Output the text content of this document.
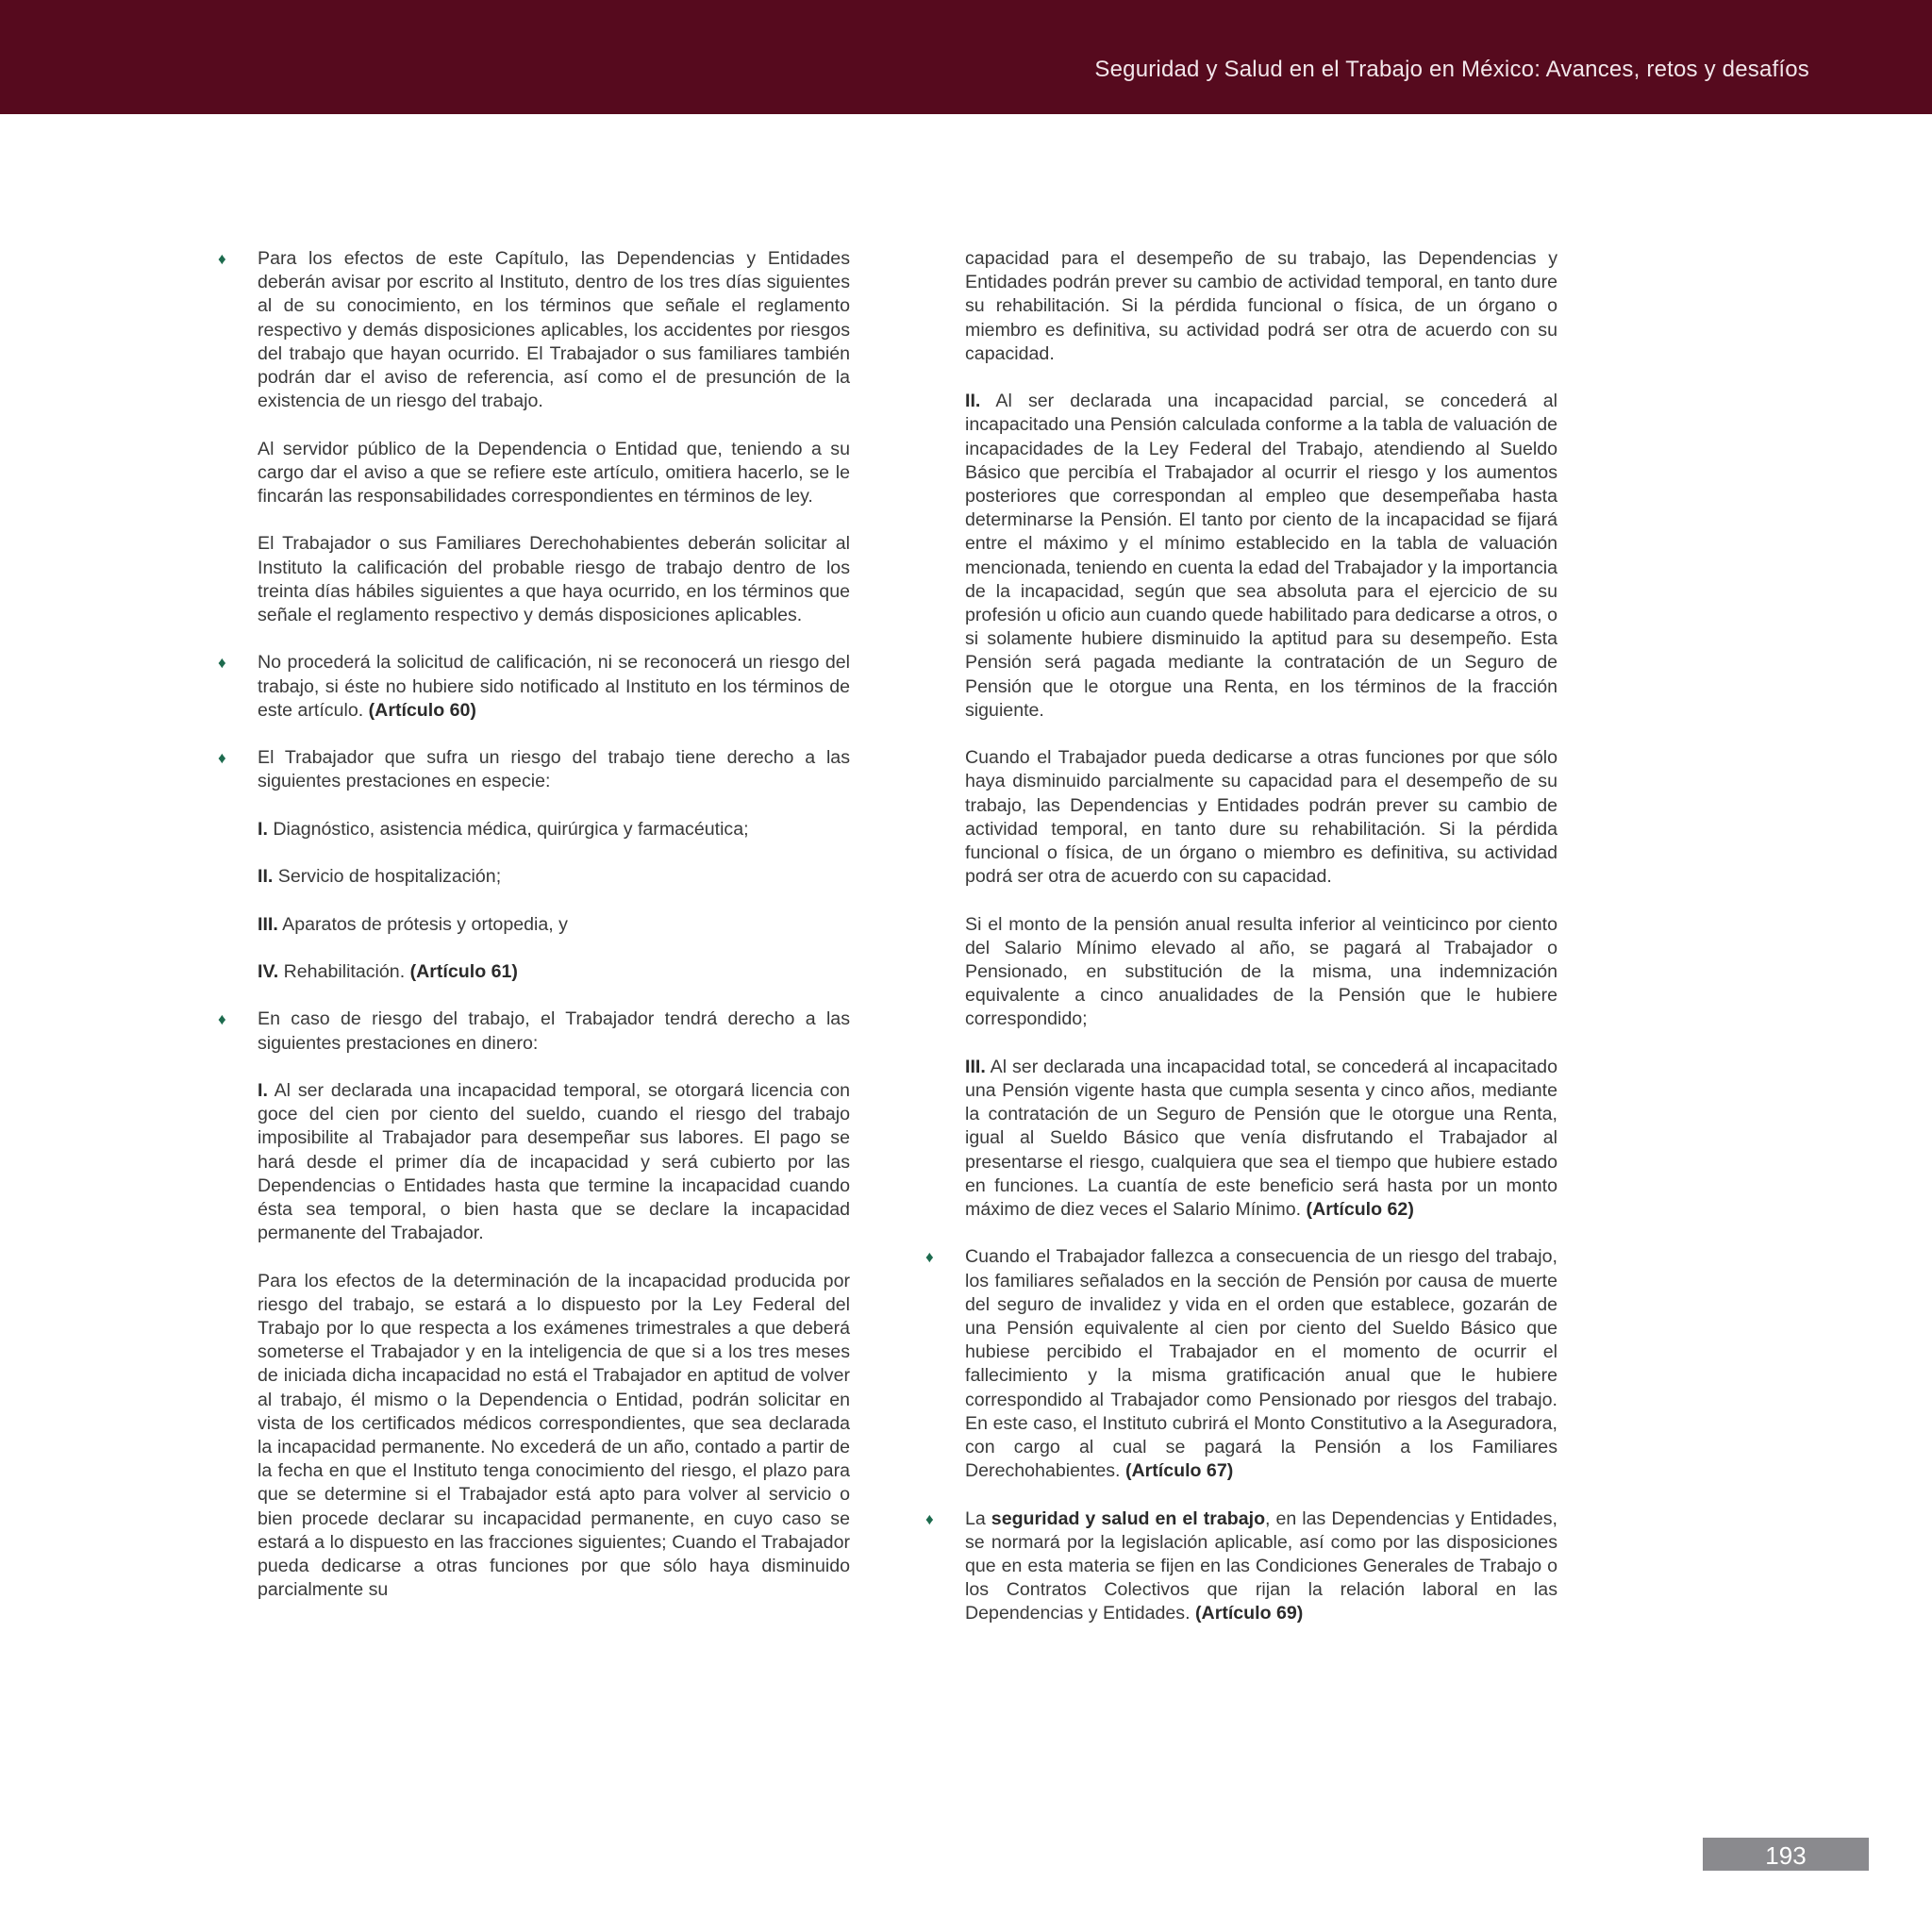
Seguridad y Salud en el Trabajo en México: Avances, retos y desafíos
♦ Para los efectos de este Capítulo, las Dependencias y Entidades deberán avisar por escrito al Instituto, dentro de los tres días siguientes al de su conocimiento, en los términos que señale el reglamento respectivo y demás disposiciones aplicables, los accidentes por riesgos del trabajo que hayan ocurrido. El Trabajador o sus familiares también podrán dar el aviso de referencia, así como el de presunción de la existencia de un riesgo del trabajo.

Al servidor público de la Dependencia o Entidad que, teniendo a su cargo dar el aviso a que se refiere este artículo, omitiera hacerlo, se le fincarán las responsabilidades correspondientes en términos de ley.

El Trabajador o sus Familiares Derechohabientes deberán solicitar al Instituto la calificación del probable riesgo de trabajo dentro de los treinta días hábiles siguientes a que haya ocurrido, en los términos que señale el reglamento respectivo y demás disposiciones aplicables.

♦ No procederá la solicitud de calificación, ni se reconocerá un riesgo del trabajo, si éste no hubiere sido notificado al Instituto en los términos de este artículo. (Artículo 60)

♦ El Trabajador que sufra un riesgo del trabajo tiene derecho a las siguientes prestaciones en especie:

I. Diagnóstico, asistencia médica, quirúrgica y farmacéutica;

II. Servicio de hospitalización;

III. Aparatos de prótesis y ortopedia, y

IV. Rehabilitación. (Artículo 61)

♦ En caso de riesgo del trabajo, el Trabajador tendrá derecho a las siguientes prestaciones en dinero:

I. Al ser declarada una incapacidad temporal, se otorgará licencia con goce del cien por ciento del sueldo, cuando el riesgo del trabajo imposibilite al Trabajador para desempeñar sus labores. El pago se hará desde el primer día de incapacidad y será cubierto por las Dependencias o Entidades hasta que termine la incapacidad cuando ésta sea temporal, o bien hasta que se declare la incapacidad permanente del Trabajador.

Para los efectos de la determinación de la incapacidad producida por riesgo del trabajo, se estará a lo dispuesto por la Ley Federal del Trabajo por lo que respecta a los exámenes trimestrales a que deberá someterse el Trabajador y en la inteligencia de que si a los tres meses de iniciada dicha incapacidad no está el Trabajador en aptitud de volver al trabajo, él mismo o la Dependencia o Entidad, podrán solicitar en vista de los certificados médicos correspondientes, que sea declarada la incapacidad permanente. No excederá de un año, contado a partir de la fecha en que el Instituto tenga conocimiento del riesgo, el plazo para que se determine si el Trabajador está apto para volver al servicio o bien procede declarar su incapacidad permanente, en cuyo caso se estará a lo dispuesto en las fracciones siguientes; Cuando el Trabajador pueda dedicarse a otras funciones por que sólo haya disminuido parcialmente su

capacidad para el desempeño de su trabajo, las Dependencias y Entidades podrán prever su cambio de actividad temporal, en tanto dure su rehabilitación. Si la pérdida funcional o física, de un órgano o miembro es definitiva, su actividad podrá ser otra de acuerdo con su capacidad.

II. Al ser declarada una incapacidad parcial, se concederá al incapacitado una Pensión calculada conforme a la tabla de valuación de incapacidades de la Ley Federal del Trabajo, atendiendo al Sueldo Básico que percibía el Trabajador al ocurrir el riesgo y los aumentos posteriores que correspondan al empleo que desempeñaba hasta determinarse la Pensión. El tanto por ciento de la incapacidad se fijará entre el máximo y el mínimo establecido en la tabla de valuación mencionada, teniendo en cuenta la edad del Trabajador y la importancia de la incapacidad, según que sea absoluta para el ejercicio de su profesión u oficio aun cuando quede habilitado para dedicarse a otros, o si solamente hubiere disminuido la aptitud para su desempeño. Esta Pensión será pagada mediante la contratación de un Seguro de Pensión que le otorgue una Renta, en los términos de la fracción siguiente.

Cuando el Trabajador pueda dedicarse a otras funciones por que sólo haya disminuido parcialmente su capacidad para el desempeño de su trabajo, las Dependencias y Entidades podrán prever su cambio de actividad temporal, en tanto dure su rehabilitación. Si la pérdida funcional o física, de un órgano o miembro es definitiva, su actividad podrá ser otra de acuerdo con su capacidad.

Si el monto de la pensión anual resulta inferior al veinticinco por ciento del Salario Mínimo elevado al año, se pagará al Trabajador o Pensionado, en substitución de la misma, una indemnización equivalente a cinco anualidades de la Pensión que le hubiere correspondido;

III. Al ser declarada una incapacidad total, se concederá al incapacitado una Pensión vigente hasta que cumpla sesenta y cinco años, mediante la contratación de un Seguro de Pensión que le otorgue una Renta, igual al Sueldo Básico que venía disfrutando el Trabajador al presentarse el riesgo, cualquiera que sea el tiempo que hubiere estado en funciones. La cuantía de este beneficio será hasta por un monto máximo de diez veces el Salario Mínimo. (Artículo 62)

♦ Cuando el Trabajador fallezca a consecuencia de un riesgo del trabajo, los familiares señalados en la sección de Pensión por causa de muerte del seguro de invalidez y vida en el orden que establece, gozarán de una Pensión equivalente al cien por ciento del Sueldo Básico que hubiese percibido el Trabajador en el momento de ocurrir el fallecimiento y la misma gratificación anual que le hubiere correspondido al Trabajador como Pensionado por riesgos del trabajo. En este caso, el Instituto cubrirá el Monto Constitutivo a la Aseguradora, con cargo al cual se pagará la Pensión a los Familiares Derechohabientes. (Artículo 67)

♦ La seguridad y salud en el trabajo, en las Dependencias y Entidades, se normará por la legislación aplicable, así como por las disposiciones que en esta materia se fijen en las Condiciones Generales de Trabajo o los Contratos Colectivos que rijan la relación laboral en las Dependencias y Entidades. (Artículo 69)

193
